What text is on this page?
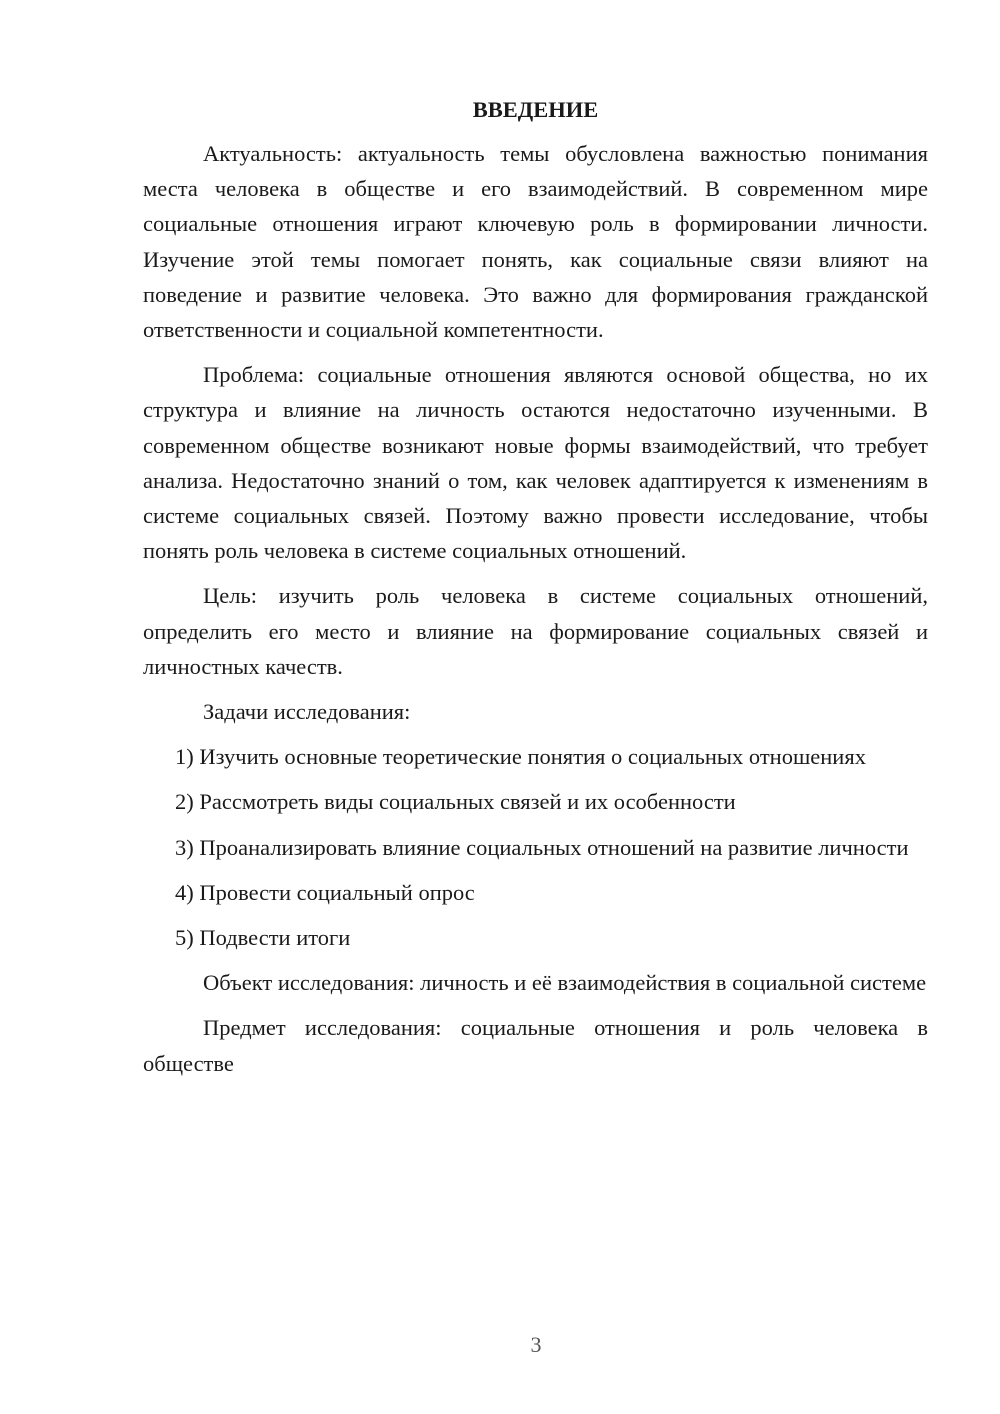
ВВЕДЕНИЕ

Актуальность: актуальность темы обусловлена важностью понимания места человека в обществе и его взаимодействий. В современном мире социальные отношения играют ключевую роль в формировании личности. Изучение этой темы помогает понять, как социальные связи влияют на поведение и развитие человека. Это важно для формирования гражданской ответственности и социальной компетентности.

Проблема: социальные отношения являются основой общества, но их структура и влияние на личность остаются недостаточно изученными. В современном обществе возникают новые формы взаимодействий, что требует анализа. Недостаточно знаний о том, как человек адаптируется к изменениям в системе социальных связей. Поэтому важно провести исследование, чтобы понять роль человека в системе социальных отношений.

Цель: изучить роль человека в системе социальных отношений, определить его место и влияние на формирование социальных связей и личностных качеств.

Задачи исследования:

1) Изучить основные теоретические понятия о социальных отношениях

2) Рассмотреть виды социальных связей и их особенности

3) Проанализировать влияние социальных отношений на развитие личности

4) Провести социальный опрос

5) Подвести итоги

Объект исследования: личность и её взаимодействия в социальной системе

Предмет исследования: социальные отношения и роль человека в обществе

3
